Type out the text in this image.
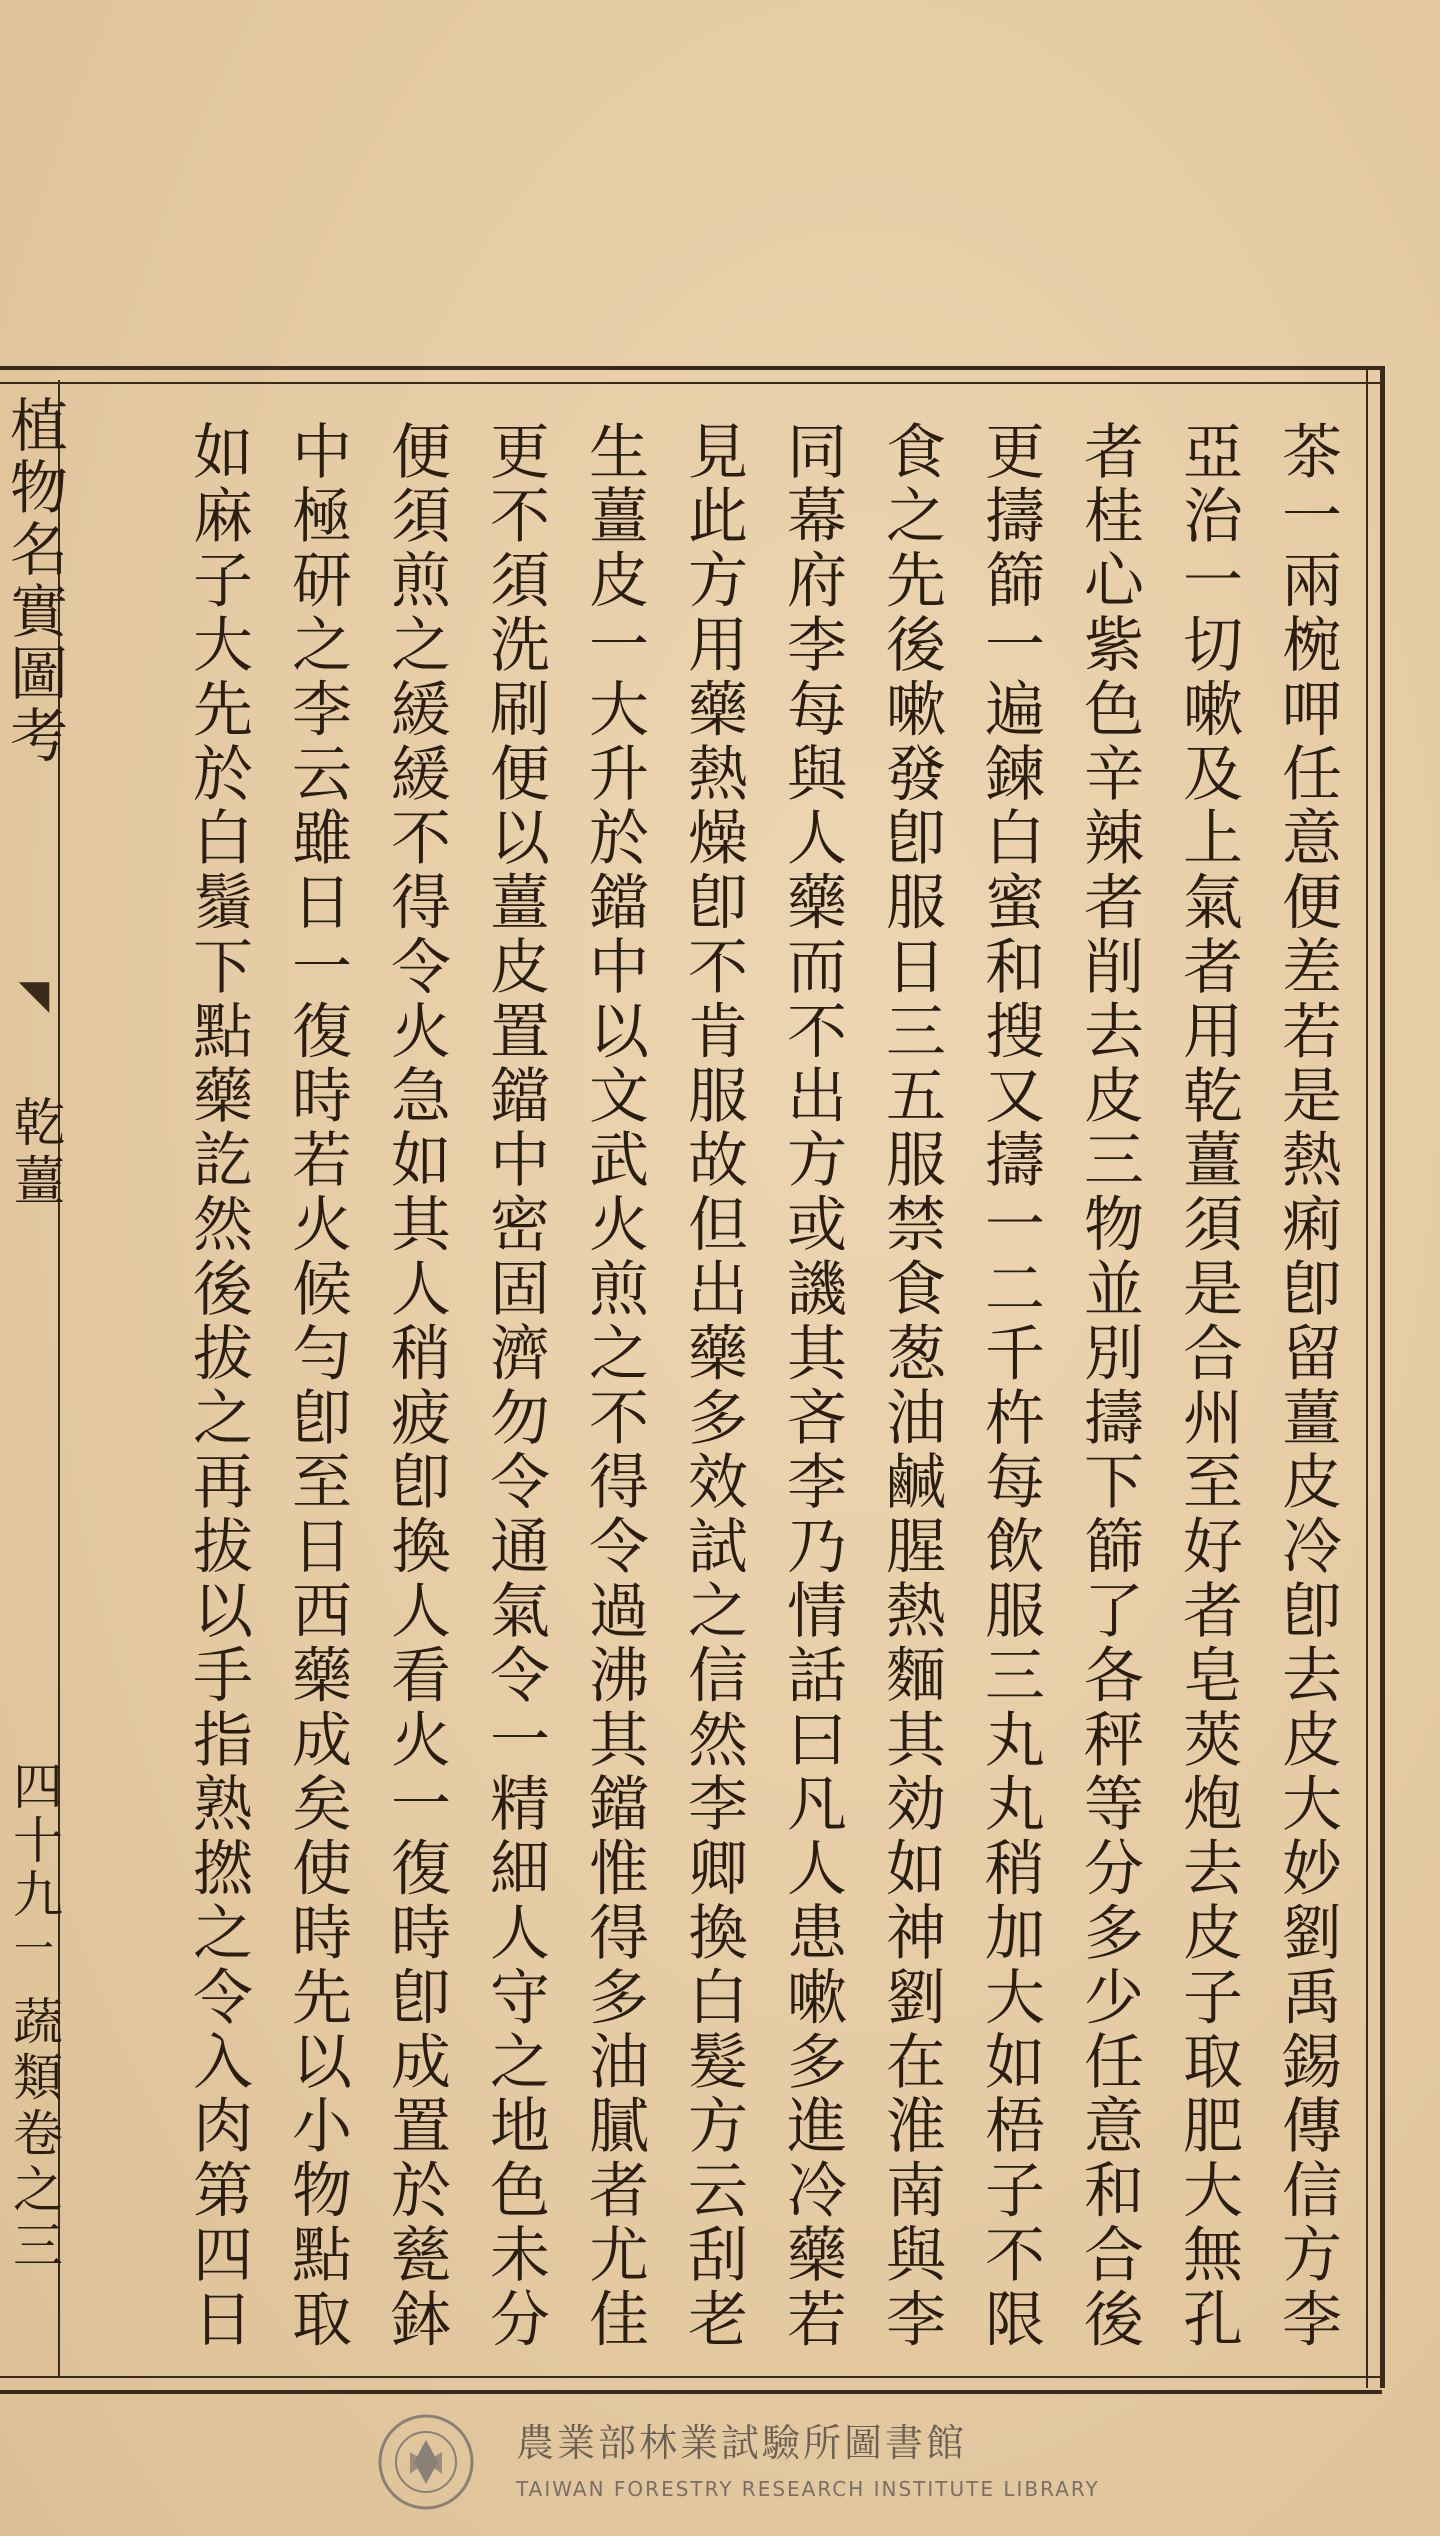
茶一兩椀呷任意便差若是熱痢卽留薑皮冷卽去皮大妙劉禹錫傳信方李
亞治一切嗽及上氣者用乾薑須是合州至好者皂莢炮去皮子取肥大無孔
者桂心紫色辛辣者削去皮三物並別擣下篩了各秤等分多少任意和合後
更擣篩一遍鍊白蜜和搜又擣一二千杵每飲服三丸丸稍加大如梧子不限
食之先後嗽發卽服日三五服禁食葱油鹹腥熱麵其効如神劉在淮南與李
同幕府李每與人藥而不出方或譏其吝李乃情話曰凡人患嗽多進冷藥若
見此方用藥熱燥卽不肯服故但出藥多效試之信然李卿換白髮方云刮老
生薑皮一大升於鐺中以文武火煎之不得令過沸其鐺惟得多油膩者尤佳
更不須洗刷便以薑皮置鐺中密固濟勿令通氣令一精細人守之地色未分
便須煎之緩緩不得令火急如其人稍疲卽換人看火一復時卽成置於甆鉢
中極研之李云雖日一復時若火候勻卽至日西藥成矣使時先以小物點取
如麻子大先於白鬚下點藥訖然後拔之再拔以手指熟撚之令入肉第四日
植物名實圖考
◥
乾薑
四十九
一
蔬類卷之三
農業部林業試驗所圖書館
TAIWAN FORESTRY RESEARCH INSTITUTE LIBRARY
